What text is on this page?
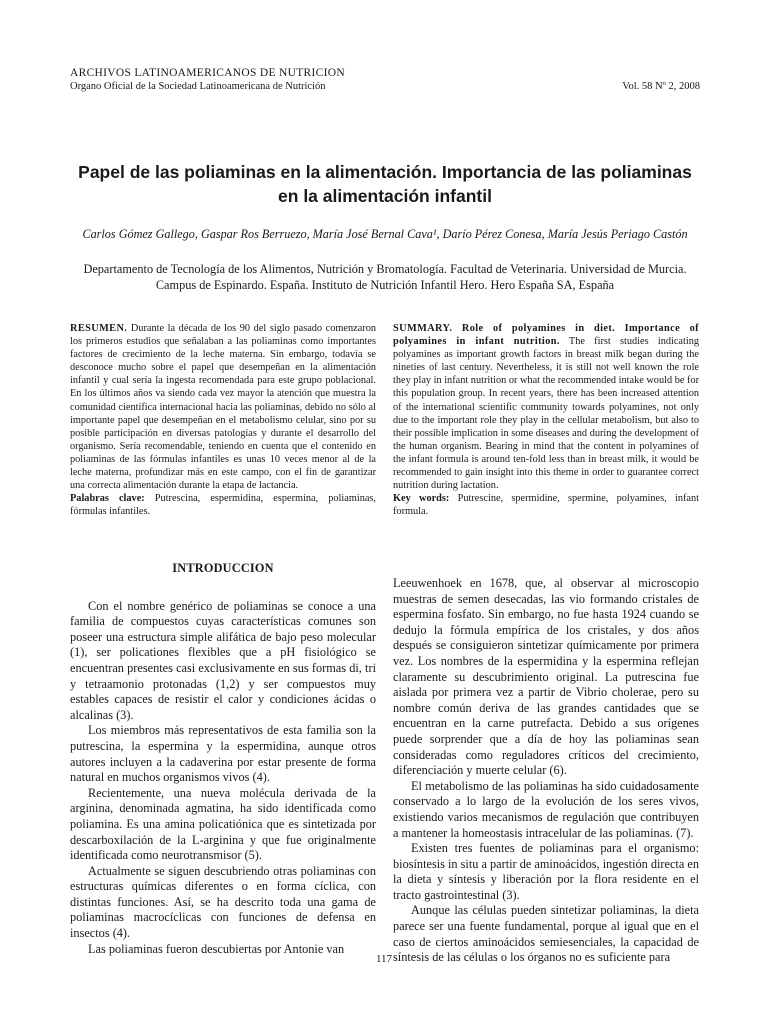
ARCHIVOS LATINOAMERICANOS DE NUTRICION
Organo Oficial de la Sociedad Latinoamericana de Nutrición	Vol. 58 Nº 2, 2008
Papel de las poliaminas en la alimentación. Importancia de las poliaminas en la alimentación infantil
Carlos Gómez Gallego, Gaspar Ros Berruezo, María José Bernal Cava¹, Darío Pérez Conesa, María Jesús Periago Castón
Departamento de Tecnología de los Alimentos, Nutrición y Bromatología. Facultad de Veterinaria. Universidad de Murcia. Campus de Espinardo. España. Instituto de Nutrición Infantil Hero. Hero España SA, España

RESUMEN. Durante la década de los 90 del siglo pasado comenzaron los primeros estudios que señalaban a las poliaminas como importantes factores de crecimiento de la leche materna. Sin embargo, todavía se desconoce mucho sobre el papel que desempeñan en la alimentación infantil y cual sería la ingesta recomendada para este grupo poblacional. En los últimos años va siendo cada vez mayor la atención que muestra la comunidad científica internacional hacia las poliaminas, debido no sólo al importante papel que desempeñan en el metabolismo celular, sino por su posible participación en diversas patologías y durante el desarrollo del organismo. Sería recomendable, teniendo en cuenta que el contenido en poliaminas de las fórmulas infantiles es unas 10 veces menor al de la leche materna, profundizar más en este campo, con el fin de garantizar una correcta alimentación durante la etapa de lactancia.

Palabras clave: Putrescina, espermidina, espermina, poliaminas, fórmulas infantiles.

SUMMARY. Role of polyamines in diet. Importance of polyamines in infant nutrition. The first studies indicating polyamines as important growth factors in breast milk began during the nineties of last century. Nevertheless, it is still not well known the role they play in infant nutrition or what the recommended intake would be for this population group. In recent years, there has been increased attention of the international scientific community towards polyamines, not only due to the important role they play in the cellular metabolism, but also to their possible implication in some diseases and during the development of the human organism. Bearing in mind that the content in polyamines of the infant formula is around ten-fold less than in breast milk, it would be recommended to gain insight into this theme in order to guarantee correct nutrition during lactation.

Key words: Putrescine, spermidine, spermine, polyamines, infant formula.

INTRODUCCION

Con el nombre genérico de poliaminas se conoce a una familia de compuestos cuyas características comunes son poseer una estructura simple alifática de bajo peso molecular (1), ser policationes flexibles que a pH fisiológico se encuentran presentes casi exclusivamente en sus formas di, tri y tetraamonio protonadas (1,2) y ser compuestos muy estables capaces de resistir el calor y condiciones ácidas o alcalinas (3).

Los miembros más representativos de esta familia son la putrescina, la espermina y la espermidina, aunque otros autores incluyen a la cadaverina por estar presente de forma natural en muchos organismos vivos (4).

Recientemente, una nueva molécula derivada de la arginina, denominada agmatina, ha sido identificada como poliamina. Es una amina policatiónica que es sintetizada por descarboxilación de la L-arginina y que fue originalmente identificada como neurotransmisor (5).

Actualmente se siguen descubriendo otras poliaminas con estructuras químicas diferentes o en forma cíclica, con distintas funciones. Así, se ha descrito toda una gama de poliaminas macrocíclicas con funciones de defensa en insectos (4).

Las poliaminas fueron descubiertas por Antonie van

Leeuwenhoek en 1678, que, al observar al microscopio muestras de semen desecadas, las vio formando cristales de espermina fosfato. Sin embargo, no fue hasta 1924 cuando se dedujo la fórmula empírica de los cristales, y dos años después se consiguieron sintetizar químicamente por primera vez. Los nombres de la espermidina y la espermina reflejan claramente su descubrimiento original. La putrescina fue aislada por primera vez a partir de Vibrio cholerae, pero su nombre común deriva de las grandes cantidades que se encuentran en la carne putrefacta. Debido a sus orígenes puede sorprender que a día de hoy las poliaminas sean consideradas como reguladores críticos del crecimiento, diferenciación y muerte celular (6).

El metabolismo de las poliaminas ha sido cuidadosamente conservado a lo largo de la evolución de los seres vivos, existiendo varios mecanismos de regulación que contribuyen a mantener la homeostasis intracelular de las poliaminas. (7).

Existen tres fuentes de poliaminas para el organismo: biosíntesis in situ a partir de aminoácidos, ingestión directa en la dieta y síntesis y liberación por la flora residente en el tracto gastrointestinal (3).

Aunque las células pueden sintetizar poliaminas, la dieta parece ser una fuente fundamental, porque al igual que en el caso de ciertos aminoácidos semiesenciales, la capacidad de síntesis de las células o los órganos no es suficiente para

117
